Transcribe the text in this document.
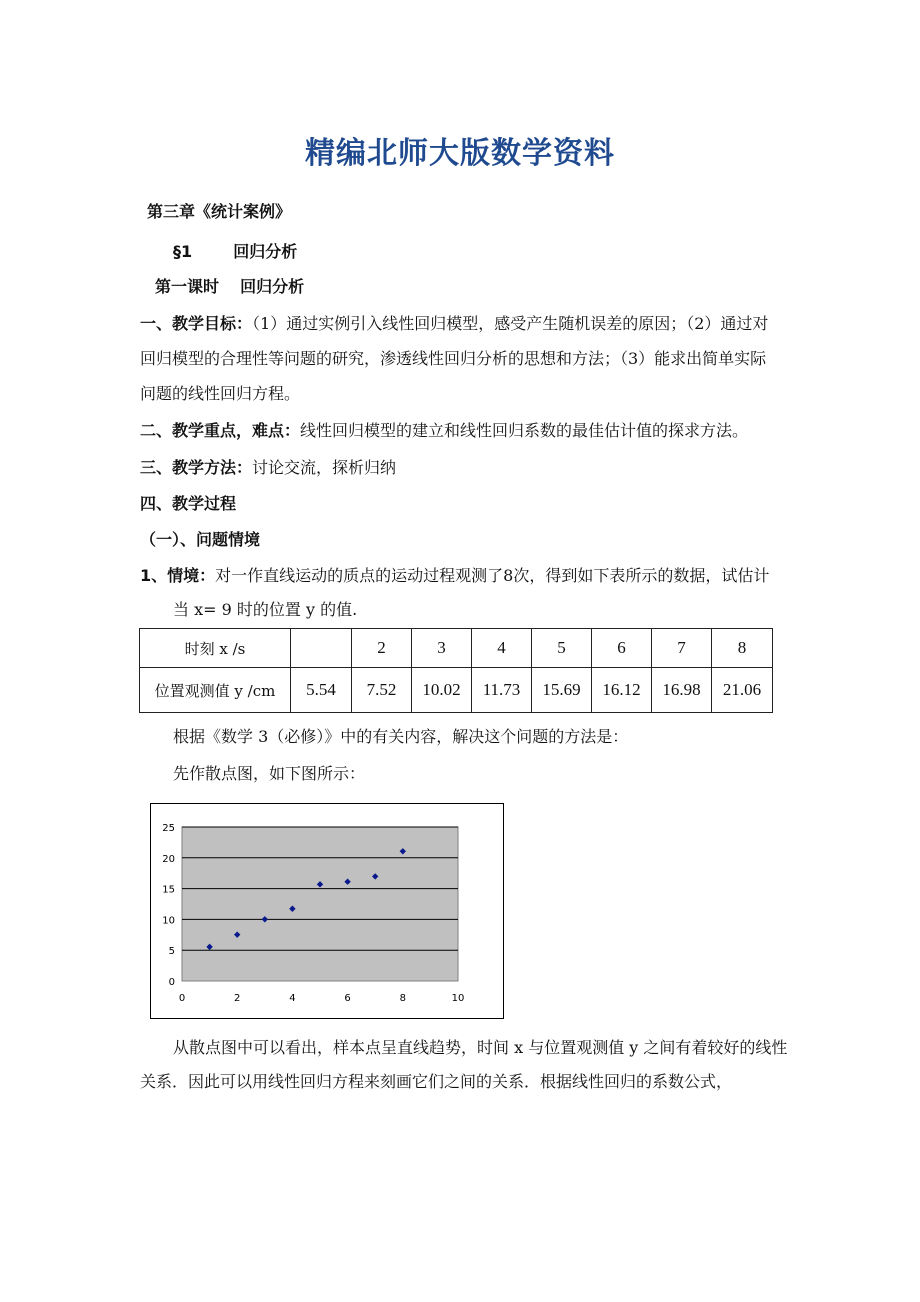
精编北师大版数学资料
第三章《统计案例》
§1	回归分析
第一课时 回归分析
一、教学目标：（1）通过实例引入线性回归模型，感受产生随机误差的原因；（2）通过对
回归模型的合理性等问题的研究，渗透线性回归分析的思想和方法；（3）能求出简单实际
问题的线性回归方程。
二、教学重点，难点：线性回归模型的建立和线性回归系数的最佳估计值的探求方法。
三、教学方法：讨论交流，探析归纳
四、教学过程
（一）、问题情境
1、情境：对一作直线运动的质点的运动过程观测了8次，得到如下表所示的数据，试估计
当 x= 9 时的位置 y 的值.
时刻 x /s		2	3	4	5	6	7	8
位置观测值 y /cm	5.54	7.52	10.02	11.73	15.69	16.12	16.98	21.06
根据《数学 3（必修）》中的有关内容，解决这个问题的方法是：
先作散点图，如下图所示：
0
5
10
15
20
25
0	2	4	6	8	10
从散点图中可以看出，样本点呈直线趋势，时间 x 与位置观测值 y 之间有着较好的线性
关系．因此可以用线性回归方程来刻画它们之间的关系．根据线性回归的系数公式，
